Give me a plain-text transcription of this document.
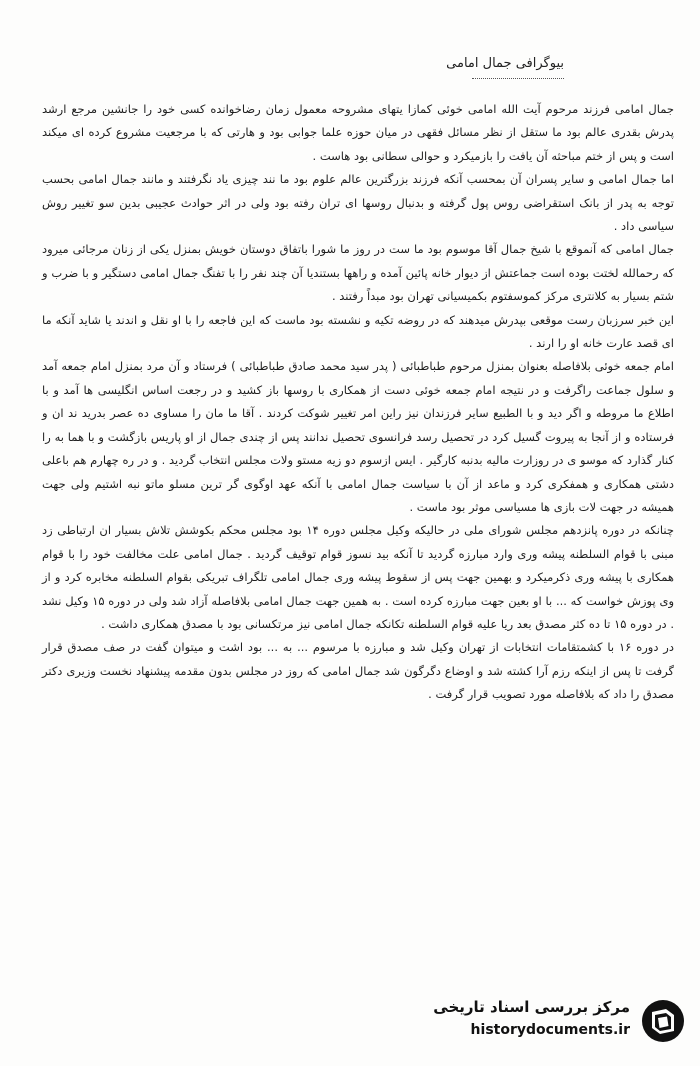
بیوگرافی جمال امامی

جمال امامی فرزند مرحوم آیت الله امامی خوئی کمازا یتهای مشروحه معمول زمان رضاخوانده کسی خود را جانشین مرجع ارشد پدرش بقدری عالم بود ما ستقل از نظر مسائل فقهی در میان حوزه علما جوابی بود و هارتی که با مرجعیت مشروع کرده ای میکند است و پس از ختم مباحثه آن یافت را بازمیکرد و حوالی سطانی بود هاست .

اما جمال امامی و سایر پسران آن بمحسب آنکه فرزند بزرگترین عالم علوم بود ما نند چیزی یاد نگرفتند و مانند جمال امامی بحسب توجه به پدر از بانک استقراضی روس پول گرفته و بدنبال روسها ای تران رفته بود ولی در اثر حوادث عجیبی بدین سو تغییر روش سیاسی داد .

جمال امامی که آنموقع با شیخ جمال آقا موسوم بود ما ست در روز ما شورا باتفاق دوستان خویش بمنزل یکی از زنان مرجائی میرود که رحمالله لختت بوده است جماعتش از دیوار خانه پائین آمده و راهها بستندیا آن چند نفر را با تفنگ جمال امامی دستگیر و با ضرب و شتم بسیار به کلانتری مرکز کموسفتوم بکمیسیانی تهران بود مبداً رفتند .

این خبر سرزبان رست موقعی بپدرش میدهند که در روضه تکیه و نشسته بود ماست که این فاجعه را با او نقل و اندند یا شاید آنکه ما ای قصد عارت خانه او را ارند .

امام جمعه خوئی بلافاصله بعنوان بمنزل مرحوم طباطبائی ( پدر سید محمد صادق طباطبائی ) فرستاد و آن مرد بمنزل امام جمعه آمد و سلول جماعت راگرفت و در نتیجه امام جمعه خوئی دست از همکاری با روسها باز کشید و در رجعت اساس انگلیسی ها آمد و با اطلاع ما مروطه و اگر دید و با الطبیع سایر فرزندان نیز راین امر تغییر شوکت کردند . آقا ما مان را مساوی ده عصر بدرید ند ان و فرستاده و از آنجا به پیروت گسیل کرد در تحصیل رسد فرانسوی تحصیل ندانند پس از چندی جمال از او پاریس بازگشت و با هما به را کنار گذارد که موسو ی در روزارت مالیه بدنبه کارگیر . ایس ازسوم دو زیه مستو ولات مجلس انتخاب گردید . و در ره چهارم هم باعلی دشتی همکاری و همفکری کرد و ماعد از آن با سیاست جمال امامی با آنکه عهد اوگوی گر ترین مسلو ماتو نبه اشتیم ولی جهت همیشه در جهت لات بازی ها مسیاسی موثر بود ماست .

چنانکه در دوره پانزدهم مجلس شورای ملی در حالیکه وکیل مجلس دوره ۱۴ بود مجلس محکم بکوشش تلاش بسیار ان ارتباطی زد مبنی با قوام السلطنه پیشه وری وارد مبارزه گردید تا آنکه بید نسوز قوام توقیف گردید . جمال امامی علت مخالفت خود را با قوام همکاری با پیشه وری ذکرمیکرد و بهمین جهت پس از سقوط پیشه وری جمال امامی تلگراف تبریکی بقوام السلطنه مخابره کرد و از وی پوزش خواست که ... با او بعین جهت مبارزه کرده است . به همین جهت جمال امامی بلافاصله آزاد شد ولی در دوره ۱۵ وکیل نشد . در دوره ۱۵ تا ده کثر مصدق بعد ریا علیه قوام السلطنه تکانکه جمال امامی نیز مرتکسانی بود با مصدق همکاری داشت .

در دوره ۱۶ با کشمتقامات انتخابات از تهران وکیل شد و مبارزه با مرسوم ... به ... بود اشت و میتوان گفت در صف مصدق قرار گرفت تا پس از اینکه رزم آرا کشته شد و اوضاع دگرگون شد جمال امامی که روز در مجلس بدون مقدمه پیشنهاد نخست وزیری دکتر مصدق را داد که بلافاصله مورد تصویب قرار گرفت .

مرکز بررسی اسناد تاریخی
historydocuments.ir
